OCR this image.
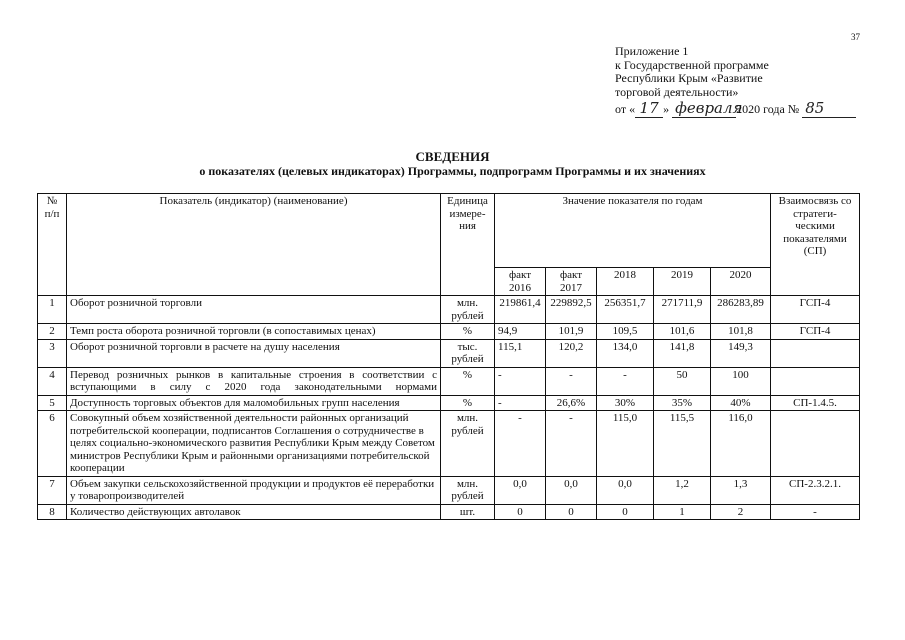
37
Приложение 1
к Государственной программе
Республики Крым «Развитие
торговой деятельности»
от « 17 » февраля2020 года № 85
СВЕДЕНИЯ
о показателях (целевых индикаторах) Программы, подпрограмм Программы и их значениях
№ п/п	Показатель (индикатор) (наименование)	Единица измере-ния	Значение показателя по годам					Взаимосвязь со стратеги-ческими показателями (СП)
			факт 2016	факт 2017	2018	2019	2020	
1	Оборот розничной торговли	млн. рублей	219861,4	229892,5	256351,7	271711,9	286283,89	ГСП-4
2	Темп роста оборота розничной торговли (в сопоставимых ценах)	%	94,9	101,9	109,5	101,6	101,8	ГСП-4
3	Оборот розничной торговли в расчете на душу населения	тыс. рублей	115,1	120,2	134,0	141,8	149,3	
4	Перевод розничных рынков в капитальные строения в соответствии с вступающими в силу с 2020 года законодательными нормами	%	-	-	-	50	100	
5	Доступность торговых объектов для маломобильных групп населения	%	-	26,6%	30%	35%	40%	СП-1.4.5.
6	Совокупный объем хозяйственной деятельности районных организаций потребительской кооперации, подписантов Соглашения о сотрудничестве в целях социально-экономического развития Республики Крым между Советом министров Республики Крым и районными организациями потребительской кооперации	млн. рублей	-	-	115,0	115,5	116,0	
7	Объем закупки сельскохозяйственной продукции и продуктов её переработки у товаропроизводителей	млн. рублей	0,0	0,0	0,0	1,2	1,3	СП-2.3.2.1.
8	Количество действующих автолавок	шт.	0	0	0	1	2	-
